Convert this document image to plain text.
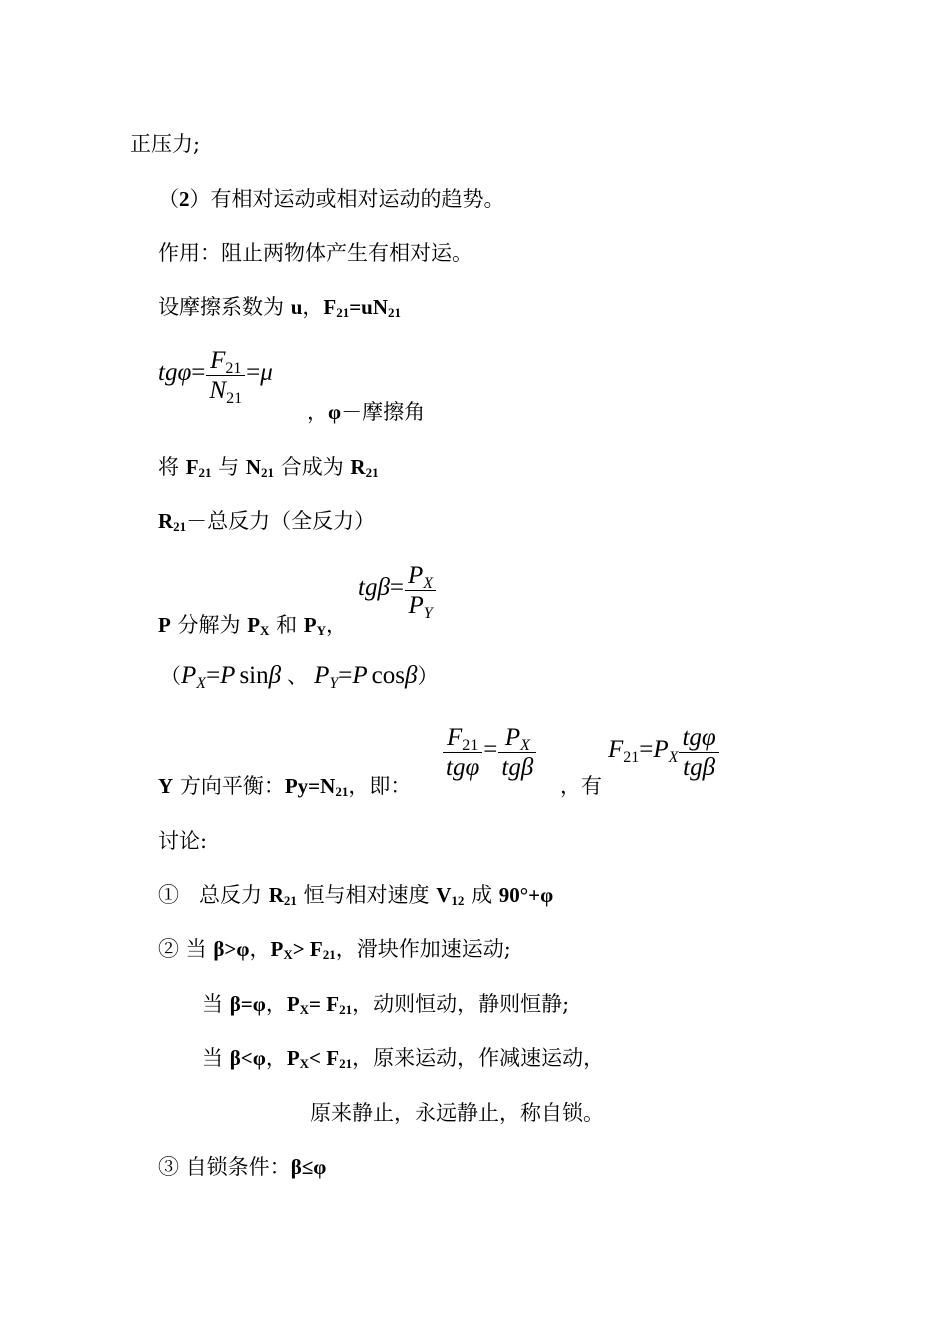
正压力;
（2）有相对运动或相对运动的趋势。
作用：阻止两物体产生有相对运。
设摩擦系数为 u，F21=uN21
$tg\varphi= \frac{F21}{N21} =\mu$
，φ－摩擦角
将 F21 与 N21 合成为 R21
R21－总反力（全反力）
$tg\beta= \frac{PX}{PY}$
P 分解为 PX 和 PY，
（PX=P sinβ 、 PY=P cosβ）
$\frac{F21}{\text{tgφ}} = \frac{PX}{\text{tgβ}}$	$F21=PX \frac{\text{tgφ}}{\text{tgβ}}$
Y 方向平衡：Py=N21，即：	，有
讨论:
①   总反力 R21 恒与相对速度 V12 成 90°+φ
② 当 β>φ，PX> F21，滑块作加速运动;
当 β=φ，PX= F21，动则恒动，静则恒静;
当 β<φ，PX< F21，原来运动，作减速运动，
原来静止，永远静止，称自锁。
③ 自锁条件：β≤φ
